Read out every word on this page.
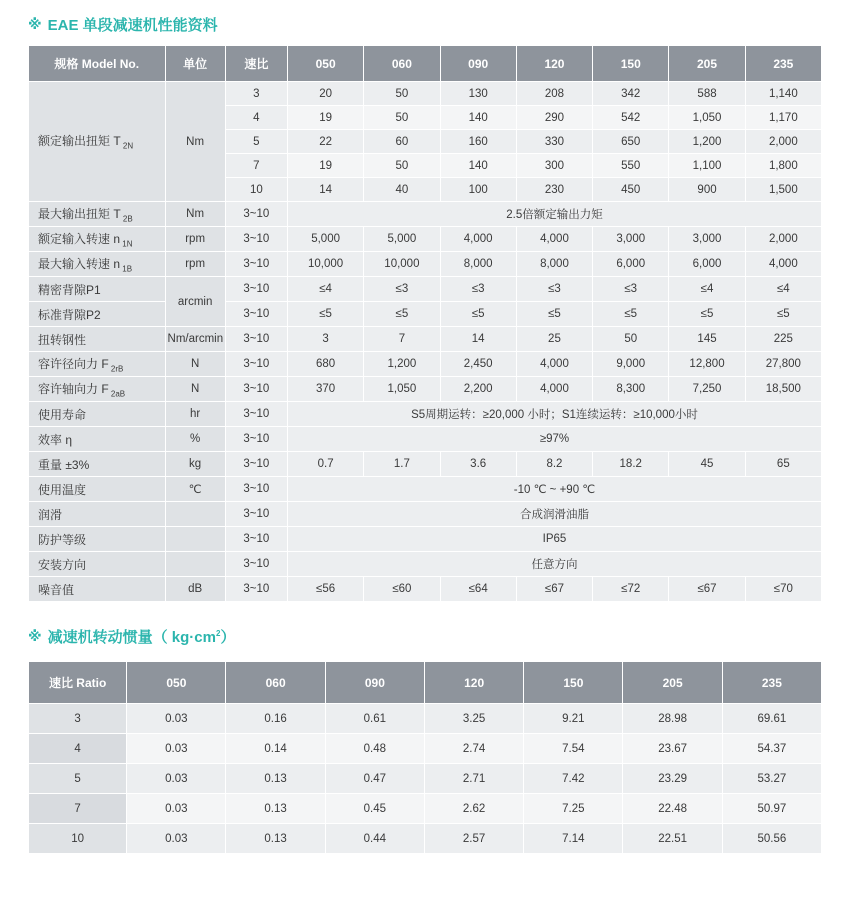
※ EAE 单段减速机性能资料
规格 Model No.	单位	速比	050	060	090	120	150	205	235
额定输出扭矩 T $_{2N}$	Nm	3	20	50	130	208	342	588	1,140
		4	19	50	140	290	542	1,050	1,170
		5	22	60	160	330	650	1,200	2,000
		7	19	50	140	300	550	1,100	1,800
		10	14	40	100	230	450	900	1,500
最大输出扭矩 T $_{2B}$	Nm	3~10	2.5倍额定输出力矩						
额定输入转速 n $_{1N}$	rpm	3~10	5,000	5,000	4,000	4,000	3,000	3,000	2,000
最大输入转速 n $_{1B}$	rpm	3~10	10,000	10,000	8,000	8,000	6,000	6,000	4,000
精密背隙P1	arcmin	3~10	≤4	≤3	≤3	≤3	≤3	≤4	≤4
标准背隙P2		3~10	≤5	≤5	≤5	≤5	≤5	≤5	≤5
扭转钢性	Nm/arcmin	3~10	3	7	14	25	50	145	225
容许径向力 F $_{2rB}$	N	3~10	680	1,200	2,450	4,000	9,000	12,800	27,800
容许轴向力 F $_{2aB}$	N	3~10	370	1,050	2,200	4,000	8,300	7,250	18,500
使用寿命	hr	3~10	S5周期运转：≥20,000 小时；S1连续运转：≥10,000小时						
效率 η	%	3~10	≥97%						
重量 ±3%	kg	3~10	0.7	1.7	3.6	8.2	18.2	45	65
使用温度	℃	3~10	-10 ℃ ~ +90 ℃						
润滑		3~10	合成润滑油脂						
防护等级		3~10	IP65						
安装方向		3~10	任意方向						
噪音值	dB	3~10	≤56	≤60	≤64	≤67	≤72	≤67	≤70
※ 减速机转动惯量（ $kg\cdot cm^2$）
速比 Ratio	050	060	090	120	150	205	235
3	0.03	0.16	0.61	3.25	9.21	28.98	69.61
4	0.03	0.14	0.48	2.74	7.54	23.67	54.37
5	0.03	0.13	0.47	2.71	7.42	23.29	53.27
7	0.03	0.13	0.45	2.62	7.25	22.48	50.97
10	0.03	0.13	0.44	2.57	7.14	22.51	50.56
